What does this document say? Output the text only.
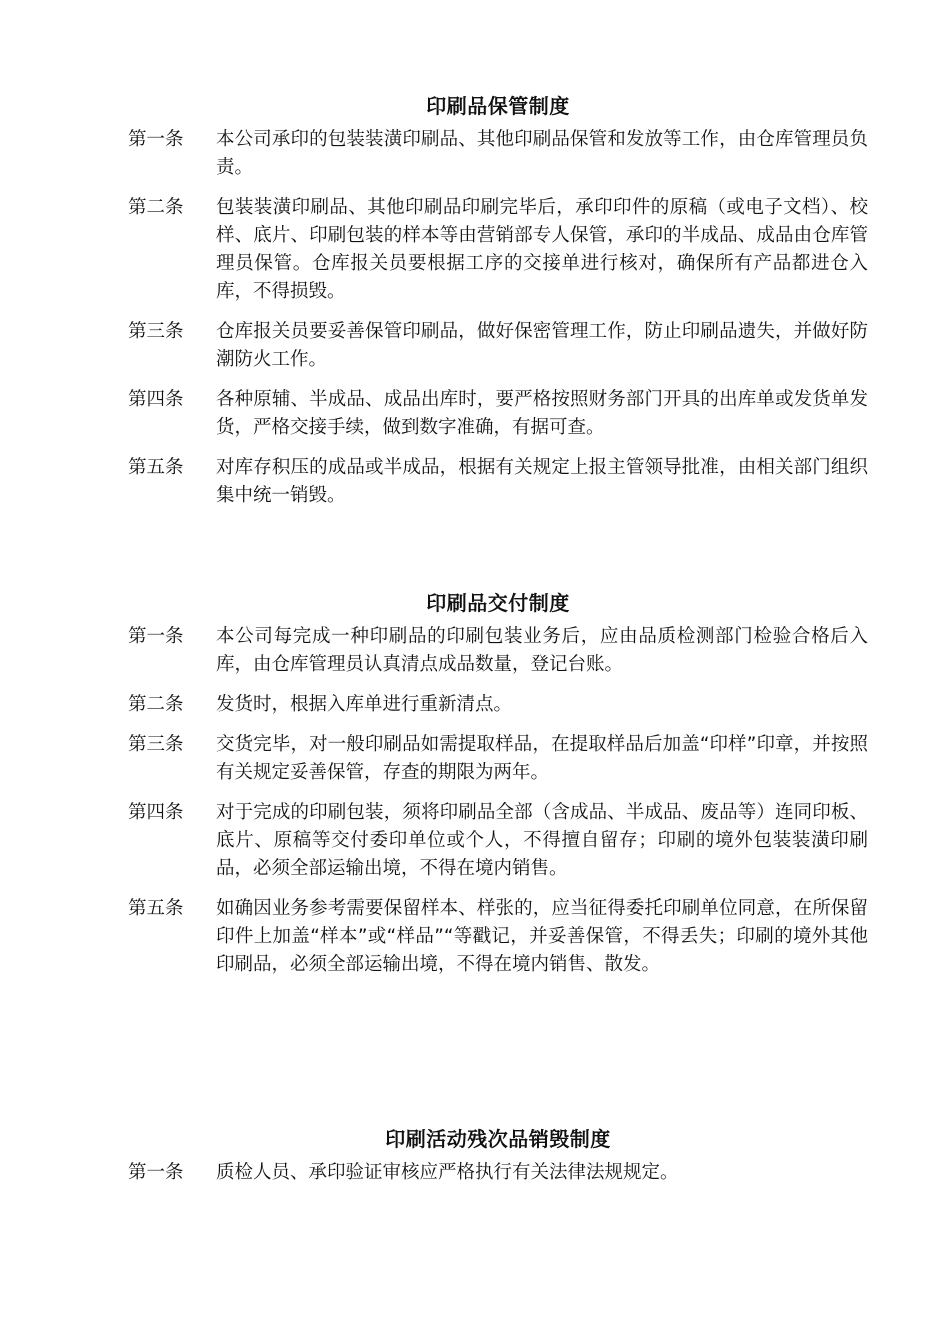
印刷品保管制度
第一条	本公司承印的包装装潢印刷品、其他印刷品保管和发放等工作，由仓库管理员负责。
第二条	包装装潢印刷品、其他印刷品印刷完毕后，承印印件的原稿（或电子文档）、校样、底片、印刷包装的样本等由营销部专人保管，承印的半成品、成品由仓库管理员保管。仓库报关员要根据工序的交接单进行核对，确保所有产品都进仓入库，不得损毁。
第三条	仓库报关员要妥善保管印刷品，做好保密管理工作，防止印刷品遗失，并做好防潮防火工作。
第四条	各种原辅、半成品、成品出库时，要严格按照财务部门开具的出库单或发货单发货，严格交接手续，做到数字准确，有据可查。
第五条	对库存积压的成品或半成品，根据有关规定上报主管领导批准，由相关部门组织集中统一销毁。
印刷品交付制度
第一条	本公司每完成一种印刷品的印刷包装业务后，应由品质检测部门检验合格后入库，由仓库管理员认真清点成品数量，登记台账。
第二条	发货时，根据入库单进行重新清点。
第三条	交货完毕，对一般印刷品如需提取样品，在提取样品后加盖“印样”印章，并按照有关规定妥善保管，存查的期限为两年。
第四条	对于完成的印刷包装，须将印刷品全部（含成品、半成品、废品等）连同印板、底片、原稿等交付委印单位或个人，不得擅自留存；印刷的境外包装装潢印刷品，必须全部运输出境，不得在境内销售。
第五条	如确因业务参考需要保留样本、样张的，应当征得委托印刷单位同意，在所保留印件上加盖“样本”或“样品”“等戳记，并妥善保管，不得丢失；印刷的境外其他印刷品，必须全部运输出境，不得在境内销售、散发。
印刷活动残次品销毁制度
第一条	质检人员、承印验证审核应严格执行有关法律法规规定。
